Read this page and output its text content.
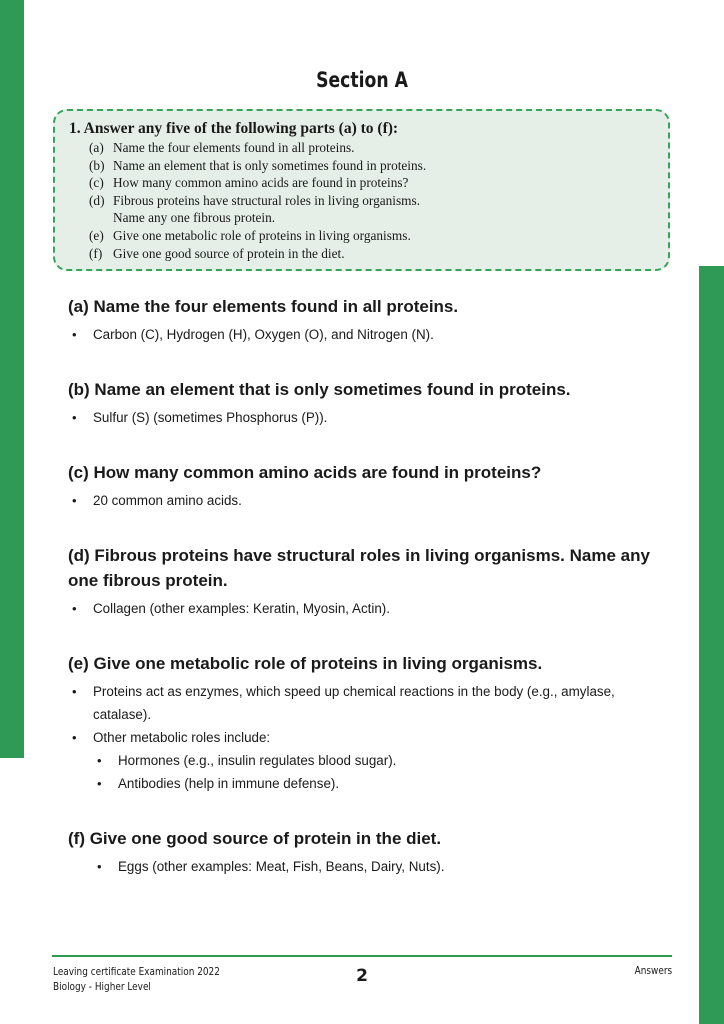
Section A
1. Answer any five of the following parts (a) to (f):
(a) Name the four elements found in all proteins.
(b) Name an element that is only sometimes found in proteins.
(c) How many common amino acids are found in proteins?
(d) Fibrous proteins have structural roles in living organisms.
Name any one fibrous protein.
(e) Give one metabolic role of proteins in living organisms.
(f) Give one good source of protein in the diet.
(a) Name the four elements found in all proteins.
• Carbon (C), Hydrogen (H), Oxygen (O), and Nitrogen (N).
(b) Name an element that is only sometimes found in proteins.
• Sulfur (S) (sometimes Phosphorus (P)).
(c) How many common amino acids are found in proteins?
• 20 common amino acids.
(d) Fibrous proteins have structural roles in living organisms. Name any one fibrous protein.
• Collagen (other examples: Keratin, Myosin, Actin).
(e) Give one metabolic role of proteins in living organisms.
• Proteins act as enzymes, which speed up chemical reactions in the body (e.g., amylase, catalase).
• Other metabolic roles include:
• Hormones (e.g., insulin regulates blood sugar).
• Antibodies (help in immune defense).
(f) Give one good source of protein in the diet.
• Eggs (other examples: Meat, Fish, Beans, Dairy, Nuts).
Leaving certificate Examination 2022
Biology - Higher Level
2	Answers
